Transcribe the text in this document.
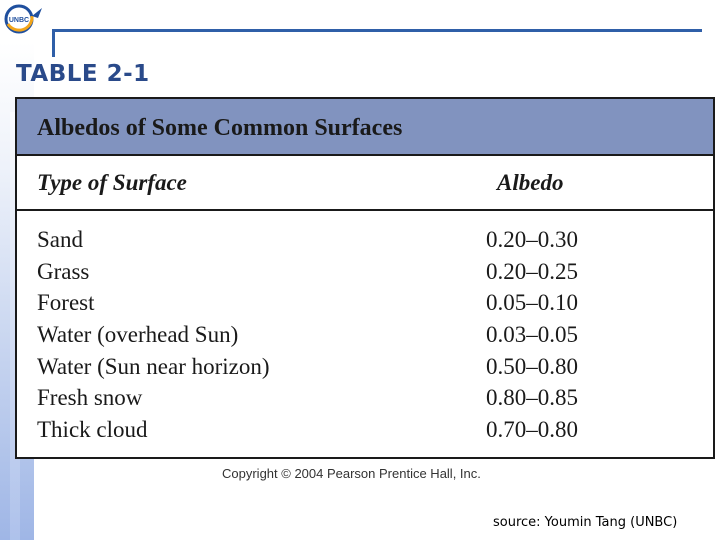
UNBC
TABLE 2-1
Albedos of Some Common Surfaces
Type of Surface	Albedo
Sand	0.20–0.30
Grass	0.20–0.25
Forest	0.05–0.10
Water (overhead Sun)	0.03–0.05
Water (Sun near horizon)	0.50–0.80
Fresh snow	0.80–0.85
Thick cloud	0.70–0.80
Copyright © 2004 Pearson Prentice Hall, Inc.
source: Youmin Tang (UNBC)
